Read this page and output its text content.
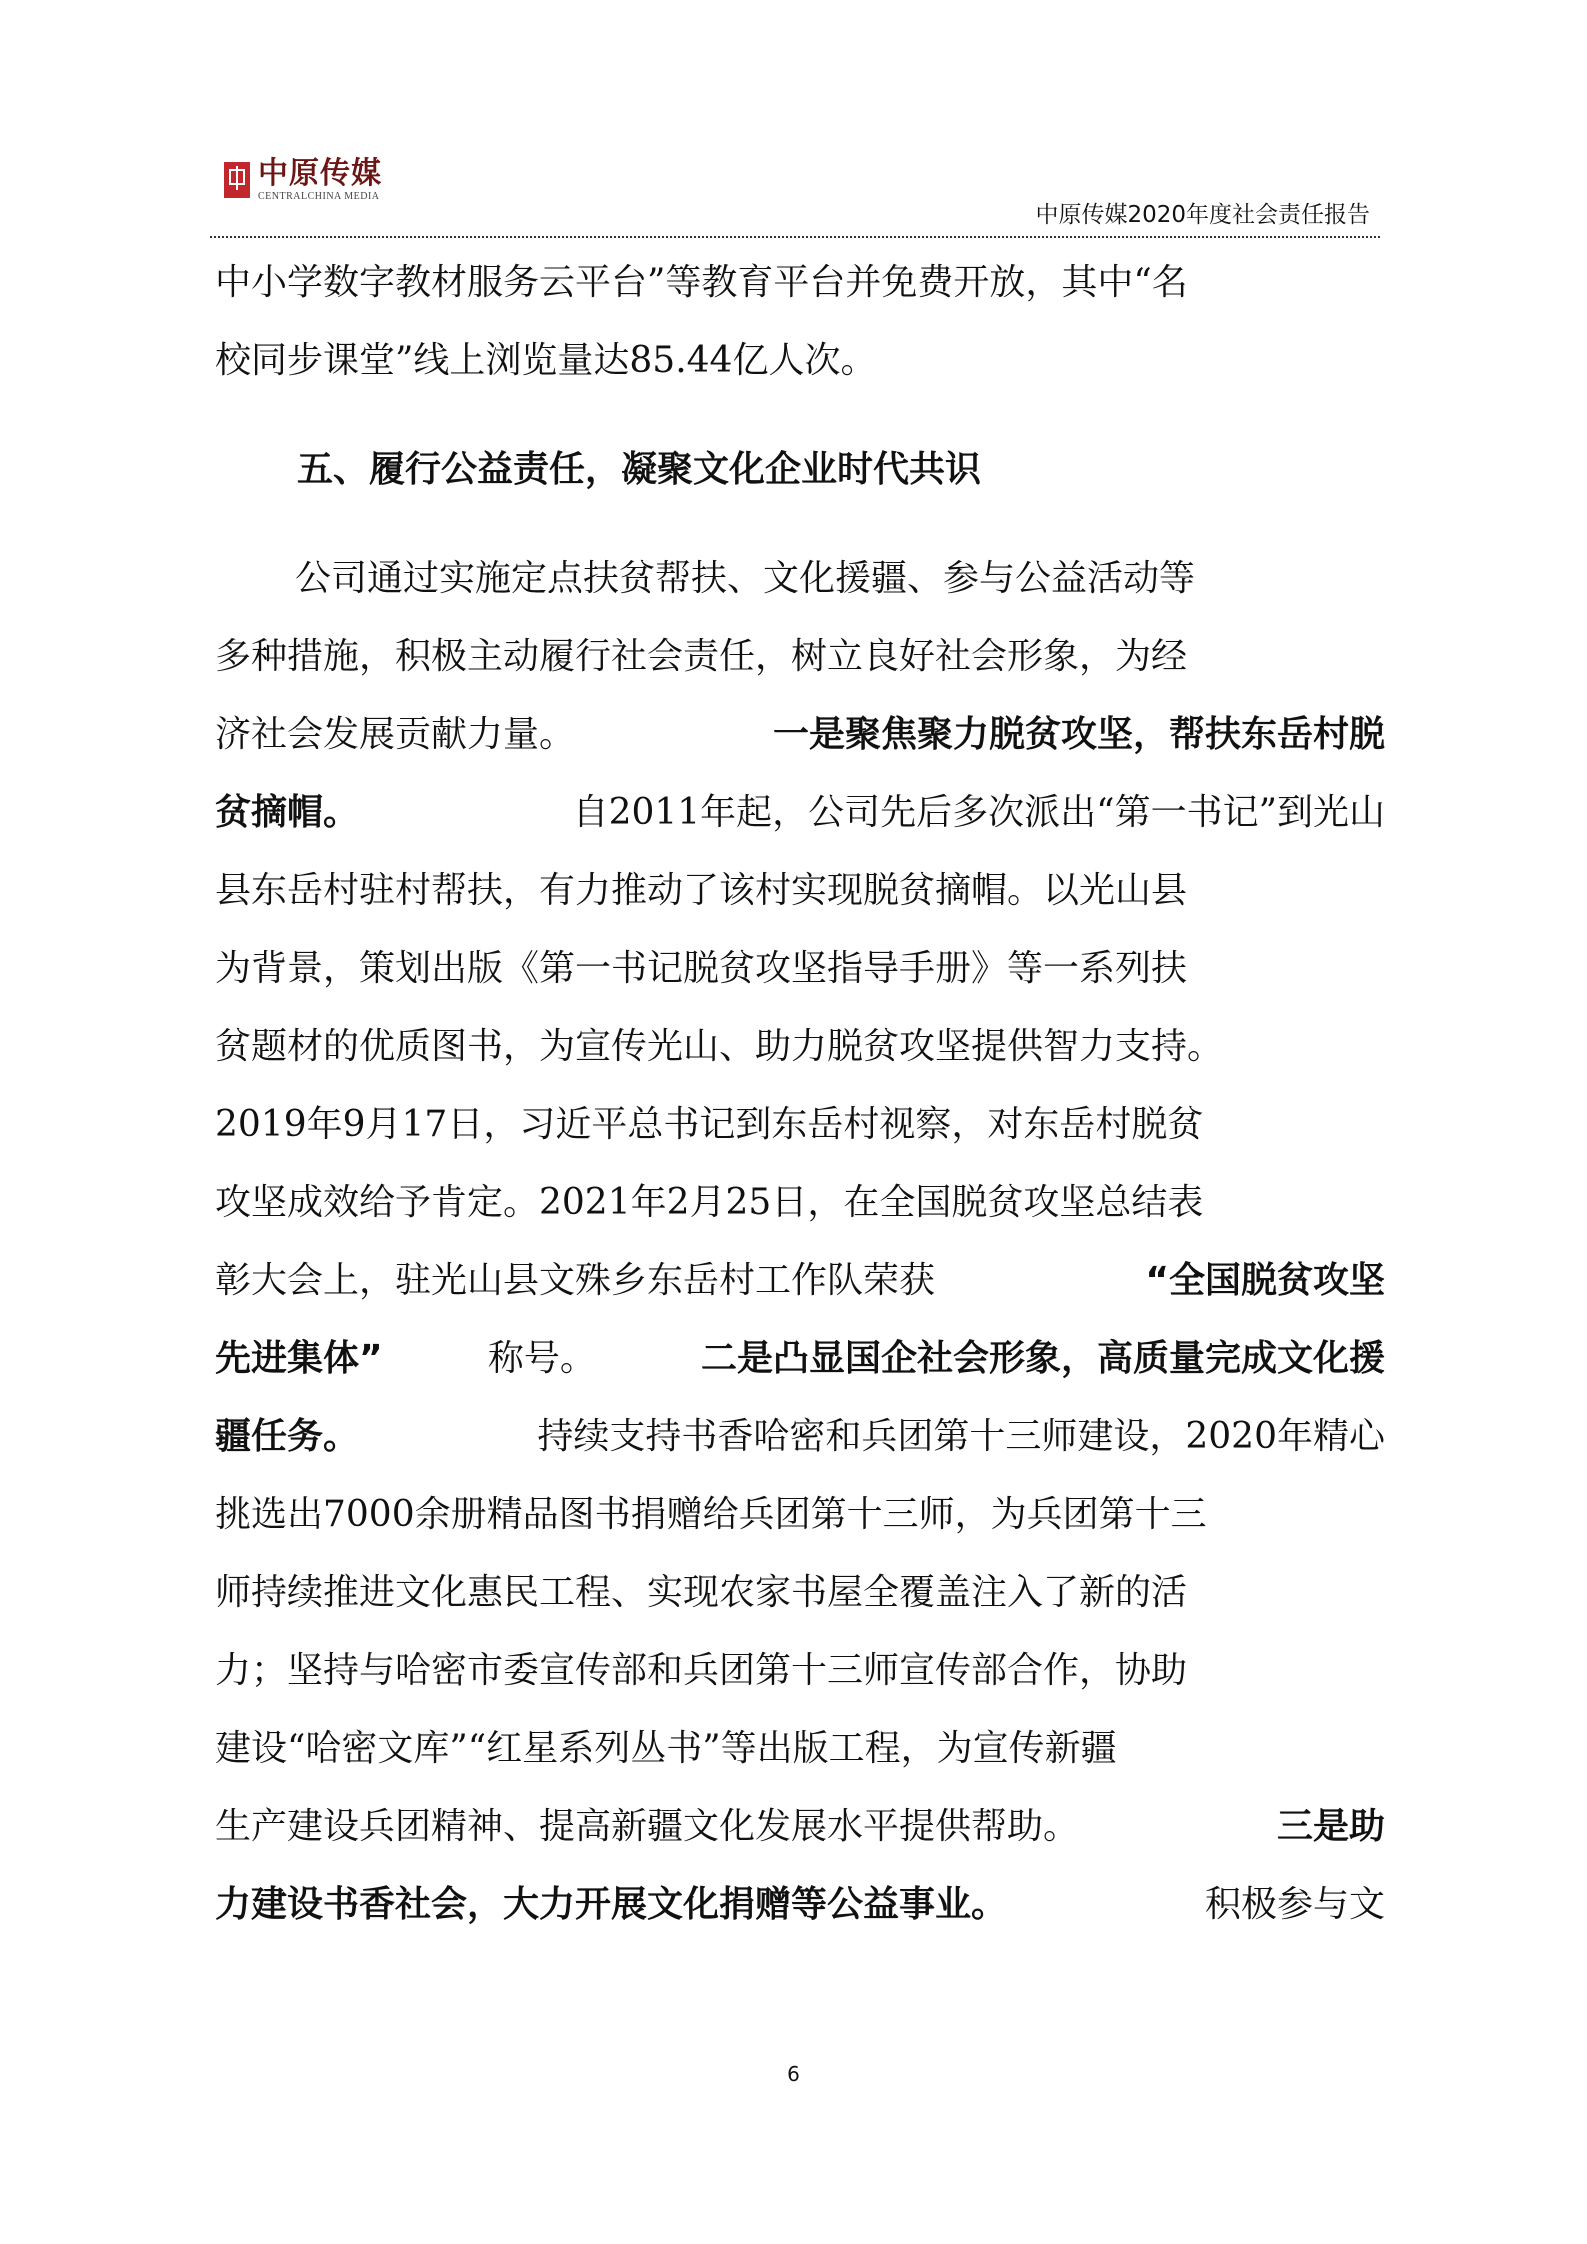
中原传媒
CENTRALCHINA MEDIA
中原传媒2020年度社会责任报告
中小学数字教材服务云平台”等教育平台并免费开放，其中“名
校同步课堂”线上浏览量达85.44亿人次。
五、履行公益责任，凝聚文化企业时代共识
公司通过实施定点扶贫帮扶、文化援疆、参与公益活动等
多种措施，积极主动履行社会责任，树立良好社会形象，为经
济社会发展贡献力量。	一是聚焦聚力脱贫攻坚，帮扶东岳村脱
贫摘帽。	自2011年起，公司先后多次派出“第一书记”到光山
县东岳村驻村帮扶，有力推动了该村实现脱贫摘帽。以光山县
为背景，策划出版《第一书记脱贫攻坚指导手册》等一系列扶
贫题材的优质图书，为宣传光山、助力脱贫攻坚提供智力支持。
2019年9月17日，习近平总书记到东岳村视察，对东岳村脱贫
攻坚成效给予肯定。2021年2月25日，在全国脱贫攻坚总结表
彰大会上，驻光山县文殊乡东岳村工作队荣获	“全国脱贫攻坚
先进集体”	称号。	二是凸显国企社会形象，高质量完成文化援
疆任务。	持续支持书香哈密和兵团第十三师建设，2020年精心
挑选出7000余册精品图书捐赠给兵团第十三师，为兵团第十三
师持续推进文化惠民工程、实现农家书屋全覆盖注入了新的活
力；坚持与哈密市委宣传部和兵团第十三师宣传部合作，协助
建设“哈密文库”“红星系列丛书”等出版工程，为宣传新疆
生产建设兵团精神、提高新疆文化发展水平提供帮助。	三是助
力建设书香社会，大力开展文化捐赠等公益事业。	积极参与文
6
